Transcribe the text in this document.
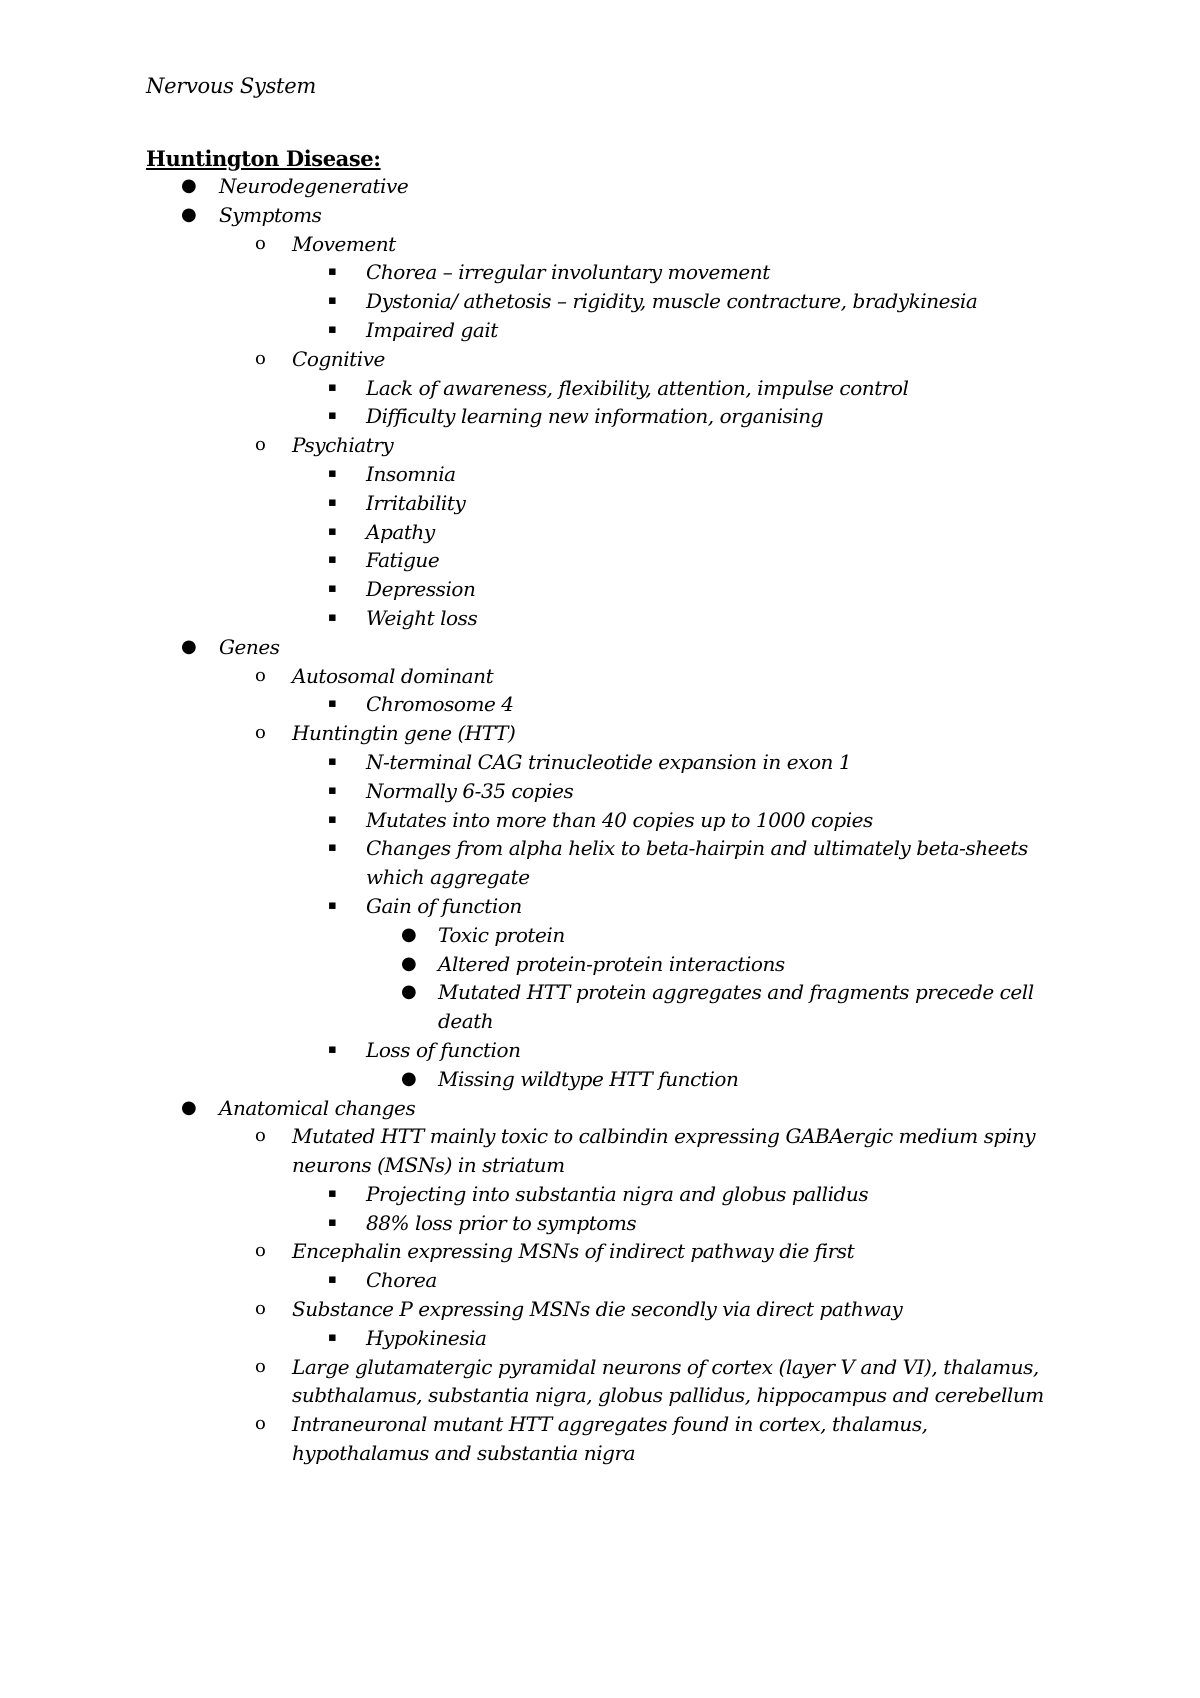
Nervous System
Huntington Disease:
● Neurodegenerative
● Symptoms
o Movement
▪ Chorea – irregular involuntary movement
▪ Dystonia/ athetosis – rigidity, muscle contracture, bradykinesia
▪ Impaired gait
o Cognitive
▪ Lack of awareness, flexibility, attention, impulse control
▪ Difficulty learning new information, organising
o Psychiatry
▪ Insomnia
▪ Irritability
▪ Apathy
▪ Fatigue
▪ Depression
▪ Weight loss
● Genes
o Autosomal dominant
▪ Chromosome 4
o Huntingtin gene (HTT)
▪ N-terminal CAG trinucleotide expansion in exon 1
▪ Normally 6-35 copies
▪ Mutates into more than 40 copies up to 1000 copies
▪ Changes from alpha helix to beta-hairpin and ultimately beta-sheets which aggregate
▪ Gain of function
● Toxic protein
● Altered protein-protein interactions
● Mutated HTT protein aggregates and fragments precede cell death
▪ Loss of function
● Missing wildtype HTT function
● Anatomical changes
o Mutated HTT mainly toxic to calbindin expressing GABAergic medium spiny neurons (MSNs) in striatum
▪ Projecting into substantia nigra and globus pallidus
▪ 88% loss prior to symptoms
o Encephalin expressing MSNs of indirect pathway die first
▪ Chorea
o Substance P expressing MSNs die secondly via direct pathway
▪ Hypokinesia
o Large glutamatergic pyramidal neurons of cortex (layer V and VI), thalamus, subthalamus, substantia nigra, globus pallidus, hippocampus and cerebellum
o Intraneuronal mutant HTT aggregates found in cortex, thalamus, hypothalamus and substantia nigra
